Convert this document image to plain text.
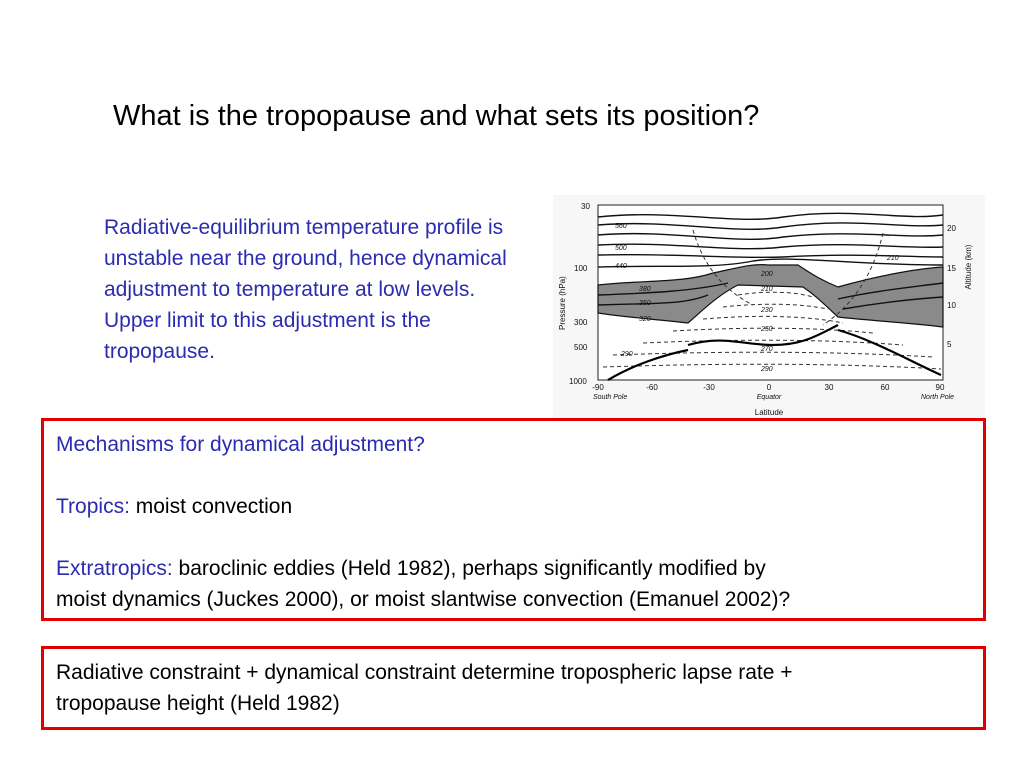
What is the tropopause and what sets its position?
Radiative-equilibrium temperature profile is unstable near the ground, hence dynamical adjustment to temperature at low levels. Upper limit to this adjustment is the tropopause.
30
100
300
500
1000
Pressure (hPa)
20
15
10
5
Altitude (km)
-90	-60	-30	0	30	60	90
South Pole	Equator	North Pole
Latitude
560
500
440
380
350
320
290
200
210
230
250
270
290
210
Mechanisms for dynamical adjustment?
Tropics: moist convection
Extratropics: baroclinic eddies (Held 1982), perhaps significantly modified by
moist dynamics (Juckes 2000), or moist slantwise convection (Emanuel 2002)?
Radiative constraint + dynamical constraint determine tropospheric lapse rate +
tropopause height (Held 1982)
